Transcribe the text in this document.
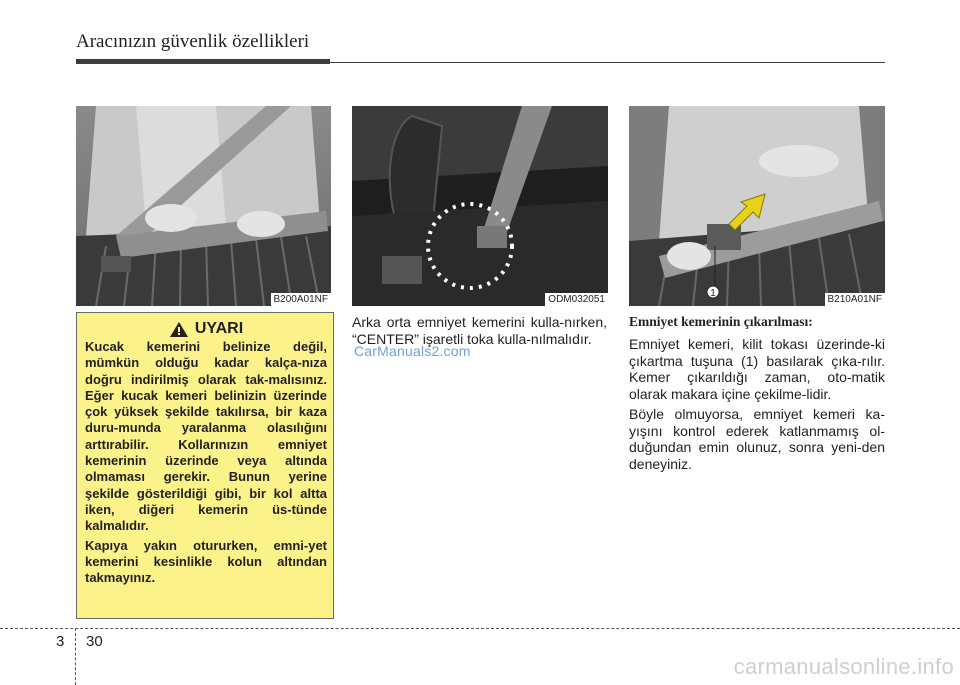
Aracınızın güvenlik özellikleri
B200A01NF	ODM032051
1
B210A01NF
UYARI

Kucak kemerini belinize değil, mümkün olduğu kadar kalça-nıza doğru indirilmiş olarak tak-malısınız. Eğer kucak kemeri belinizin üzerinde çok yüksek şekilde takılırsa, bir kaza duru-munda yaralanma olasılığını arttırabilir. Kollarınızın emniyet kemerinin üzerinde veya altında olmaması gerekir. Bunun yerine şekilde gösterildiği gibi, bir kol altta iken, diğeri kemerin üs-tünde kalmalıdır.

Kapıya yakın otururken, emni-yet kemerini kesinlikle kolun altından takmayınız.

Arka orta emniyet kemerini kulla-nırken, “CENTER” işaretli toka kulla-nılmalıdır.
CarManuals2.com
Emniyet kemerinin çıkarılması:

Emniyet kemeri, kilit tokası üzerinde-ki çıkartma tuşuna (1) basılarak çıka-rılır. Kemer çıkarıldığı zaman, oto-matik olarak makara içine çekilme-lidir.

Böyle olmuyorsa, emniyet kemeri ka-yışını kontrol ederek katlanmamış ol-duğundan emin olunuz, sonra yeni-den deneyiniz.

3 30
carmanualsonline.info
